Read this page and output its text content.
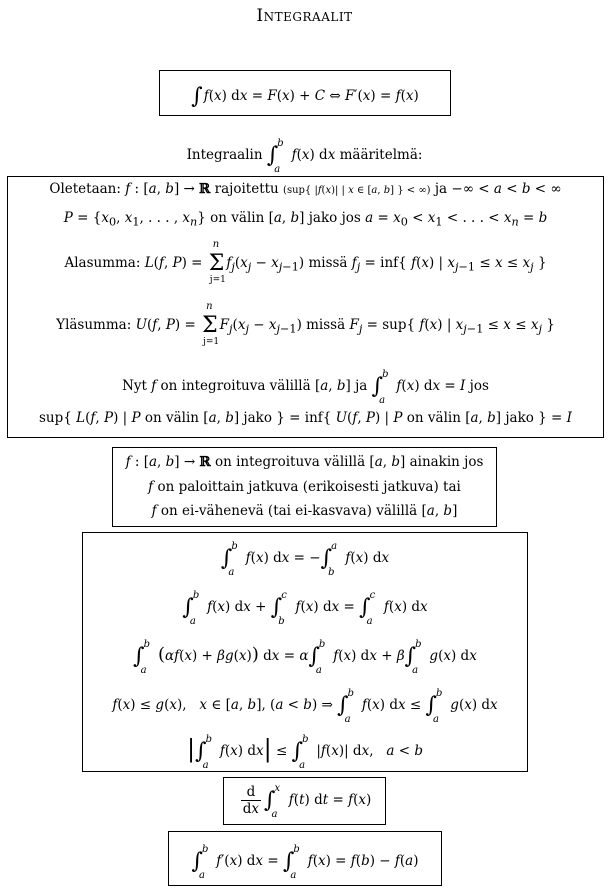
Integraalit
∫f(x) dx = F(x) + C ⇔ F′(x) = f(x)
Integraalin ∫ b
a
f(x) dx määritelmä:
Oletetaan: f : [a, b] → ℝ rajoitettu (sup{ |f(x)| | x ∈ [a, b] } < ∞) ja −∞ < a < b < ∞
$P = \{x_0$, $x_1$, . . . , $x_n$} on välin [a, b] jako jos $a = x_0 < x_1$ < . . . < $x_n = b$
Alasumma: L(f, P) = Σ
n
j=1
$f_j(x_j - x_{j-1})$ missä $f_j = inf${ f(x) | $x_{j-1} \le x \le x_j$ }
Yläsumma: U(f, P) = Σ
n
j=1
$F_j(x_j - x_{j-1})$ missä $F_j = sup${ f(x) | $x_{j-1} \le x \le x_j$ }
Nyt f on integroituva välillä [a, b] ja ∫ b
a
f(x) dx = I jos
sup{ L(f, P) | P on välin [a, b] jako } = inf{ U(f, P) | P on välin [a, b] jako } = I
f : [a, b] → ℝ on integroituva välillä [a, b] ainakin jos
f on paloittain jatkuva (erikoisesti jatkuva) tai
f on ei-vähenevä (tai ei-kasvava) välillä [a, b]
∫ b
a
f(x) dx = −∫ a
b
f(x) dx
∫ b
a
f(x) dx + ∫ c
b
f(x) dx = ∫ c
a
f(x) dx
∫ b
a
(αf(x) + βg(x)) dx = α∫ b
a
f(x) dx + β∫ b
a
g(x) dx
f(x) ≤ g(x),   x ∈ [a, b], (a < b) ⇒ ∫ b
a
f(x) dx ≤ ∫ b
a
g(x) dx
|∫ b
a
f(x) dx| ≤ ∫ b
a
|f(x)| dx,   a < b
$\frac{d}{dx}$ ∫ x
a
f(t) dt = f(x)
∫ b
a
f′(x) dx = ∫ b
a
f(x) = f(b) − f(a)
